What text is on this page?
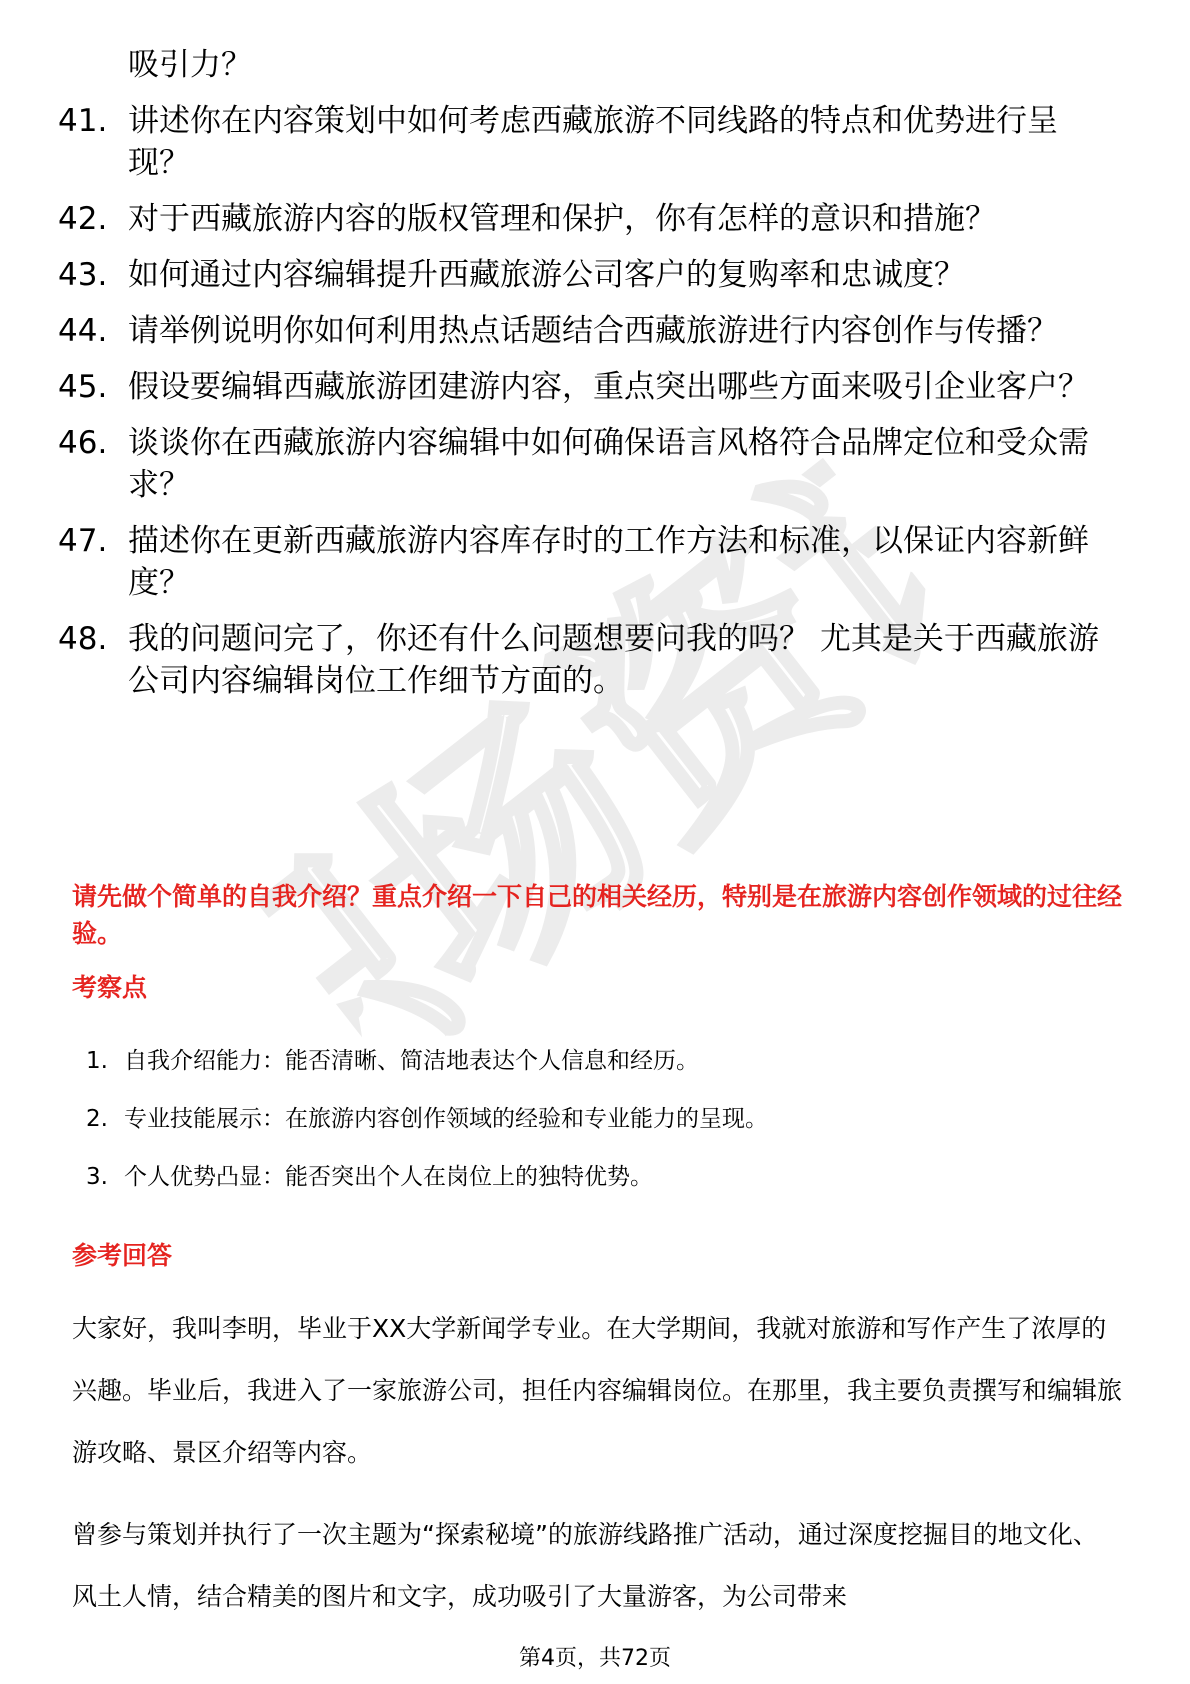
职场资讯
吸引力？
41. 讲述你在内容策划中如何考虑西藏旅游不同线路的特点和优势进行呈现？
42. 对于西藏旅游内容的版权管理和保护，你有怎样的意识和措施？
43. 如何通过内容编辑提升西藏旅游公司客户的复购率和忠诚度？
44. 请举例说明你如何利用热点话题结合西藏旅游进行内容创作与传播？
45. 假设要编辑西藏旅游团建游内容，重点突出哪些方面来吸引企业客户？
46. 谈谈你在西藏旅游内容编辑中如何确保语言风格符合品牌定位和受众需求？
47. 描述你在更新西藏旅游内容库存时的工作方法和标准，以保证内容新鲜度？
48. 我的问题问完了，你还有什么问题想要问我的吗？ 尤其是关于西藏旅游公司内容编辑岗位工作细节方面的。

请先做个简单的自我介绍？重点介绍一下自己的相关经历，特别是在旅游内容创作领域的过往经验。

考察点
1. 自我介绍能力：能否清晰、简洁地表达个人信息和经历。
2. 专业技能展示：在旅游内容创作领域的经验和专业能力的呈现。
3. 个人优势凸显：能否突出个人在岗位上的独特优势。
参考回答

大家好，我叫李明，毕业于XX大学新闻学专业。在大学期间，我就对旅游和写作产生了浓厚的兴趣。毕业后，我进入了一家旅游公司，担任内容编辑岗位。在那里，我主要负责撰写和编辑旅游攻略、景区介绍等内容。

曾参与策划并执行了一次主题为“探索秘境”的旅游线路推广活动，通过深度挖掘目的地文化、风土人情，结合精美的图片和文字，成功吸引了大量游客，为公司带来

第4页，共72页
